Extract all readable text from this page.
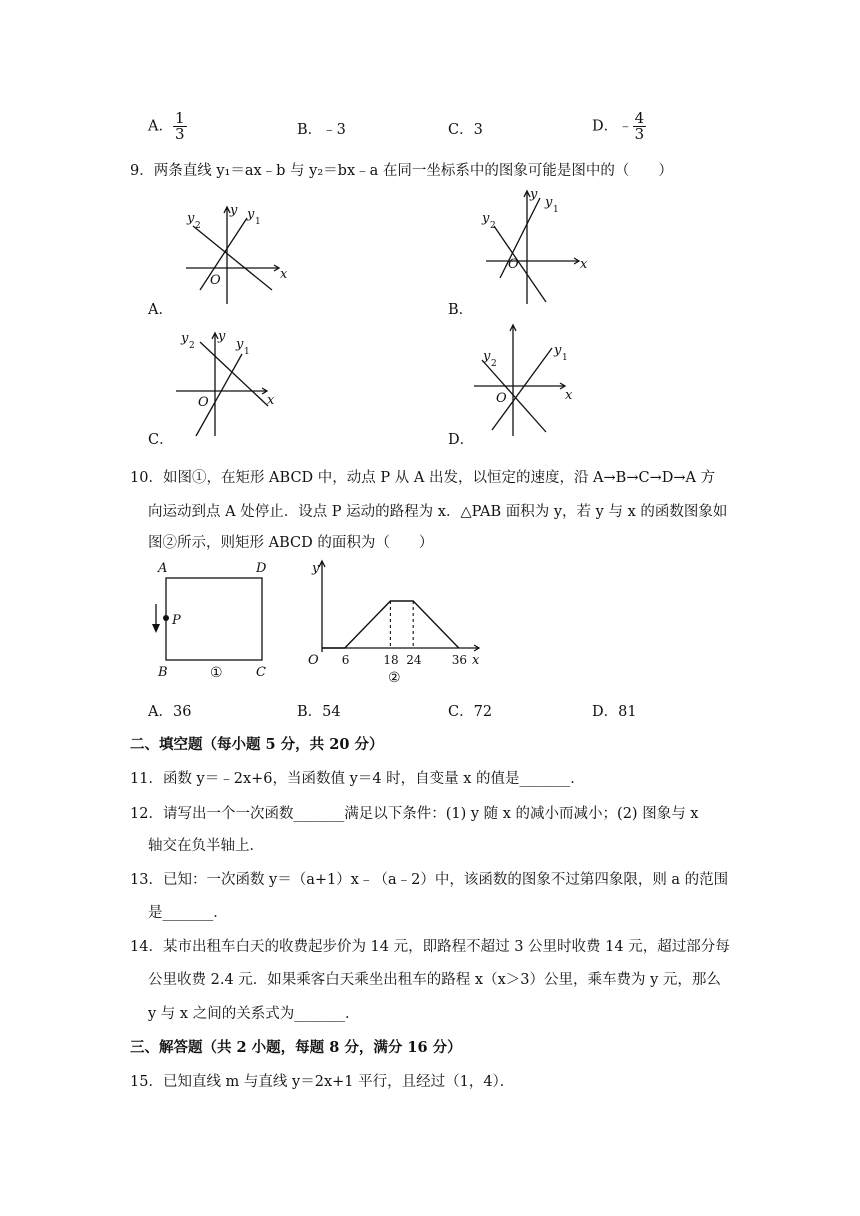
A． $\frac{1}{3}$	B．﹣3	C．3	D．﹣ $\frac{4}{3}$
9．两条直线 y₁＝ax﹣b 与 y₂＝bx﹣a 在同一坐标系中的图象可能是图中的（　　）
x
y
O
y 2
y 1
A．
x
y
O
y 2
y 1
B．
x
y
O
y 2	y 1
C．
x
O
y 2
y 1
D．
10．如图①，在矩形 ABCD 中，动点 P 从 A 出发，以恒定的速度，沿 A→B→C→D→A 方
向运动到点 A 处停止．设点 P 运动的路程为 x．△PAB 面积为 y，若 y 与 x 的函数图象如
图②所示，则矩形 ABCD 的面积为（　　）
A	D
P
B	C
①
6	18 24	36
y
x
O
②
A．36	B．54	C．72	D．81
二、填空题（每小题 5 分，共 20 分）
11．函数 y＝﹣2x+6，当函数值 y＝4 时，自变量 x 的值是_______．
12．请写出一个一次函数_______满足以下条件：(1) y 随 x 的减小而减小；(2) 图象与 x
轴交在负半轴上．
13．已知：一次函数 y＝（a+1）x﹣（a﹣2）中，该函数的图象不过第四象限，则 a 的范围
是_______．
14．某市出租车白天的收费起步价为 14 元，即路程不超过 3 公里时收费 14 元，超过部分每
公里收费 2.4 元．如果乘客白天乘坐出租车的路程 x（x＞3）公里，乘车费为 y 元，那么
y 与 x 之间的关系式为_______．
三、解答题（共 2 小题，每题 8 分，满分 16 分）
15．已知直线 m 与直线 y＝2x+1 平行，且经过（1，4）．
